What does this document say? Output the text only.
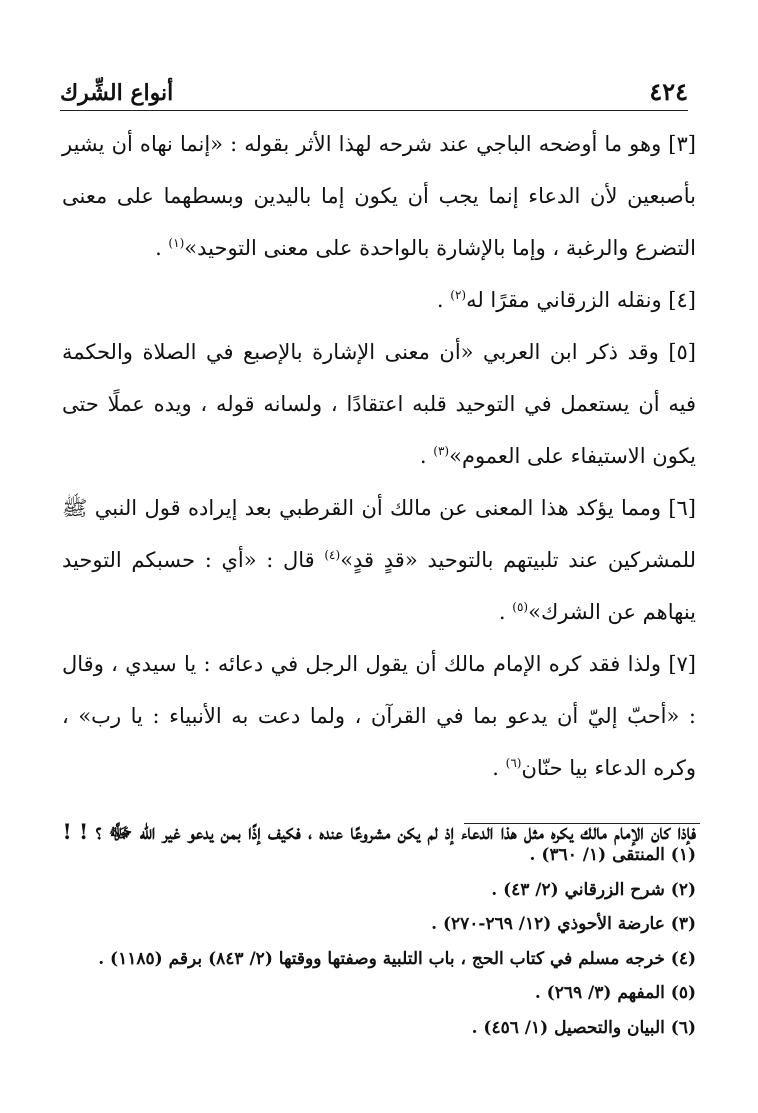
٤٢٤
أنواع الشِّرك

[٣] وهو ما أوضحه الباجي عند شرحه لهذا الأثر بقوله : «إنما نهاه أن يشير بأصبعين لأن الدعاء إنما يجب أن يكون إما باليدين وبسطهما على معنى التضرع والرغبة ، وإما بالإشارة بالواحدة على معنى التوحيد»$^{(١)}$ .

[٤] ونقله الزرقاني مقرًا له$^{(٢)}$ .

[٥] وقد ذكر ابن العربي «أن معنى الإشارة بالإصبع في الصلاة والحكمة فيه أن يستعمل في التوحيد قلبه اعتقادًا ، ولسانه قوله ، ويده عملًا حتى يكون الاستيفاء على العموم»$^{(٣)}$ .

[٦] ومما يؤكد هذا المعنى عن مالك أن القرطبي بعد إيراده قول النبي ﷺ للمشركين عند تلبيتهم بالتوحيد «قدٍ قدٍ»$^{(٤)}$ قال : «أي : حسبكم التوحيد ينهاهم عن الشرك»$^{(٥)}$ .

[٧] ولذا فقد كره الإمام مالك أن يقول الرجل في دعائه : يا سيدي ، وقال : «أحبّ إليّ أن يدعو بما في القرآن ، ولما دعت به الأنبياء : يا رب» ، وكره الدعاء بيا حنّان$^{(٦)}$ .

فإذا كان الإمام مالك يكره مثل هذا الدعاء إذ لم يكن مشروعًا عنده ، فكيف إذًا بمن يدعو غير الله ﷻ ؟ ! !

(١) المنتقى (١/ ٣٦٠) .

(٢) شرح الزرقاني (٢/ ٤٣) .

(٣) عارضة الأحوذي (١٢/ ٢٦٩-٢٧٠) .

(٤) خرجه مسلم في كتاب الحج ، باب التلبية وصفتها ووقتها (٢/ ٨٤٣) برقم (١١٨٥) .

(٥) المفهم (٣/ ٢٦٩) .

(٦) البيان والتحصيل (١/ ٤٥٦) .
